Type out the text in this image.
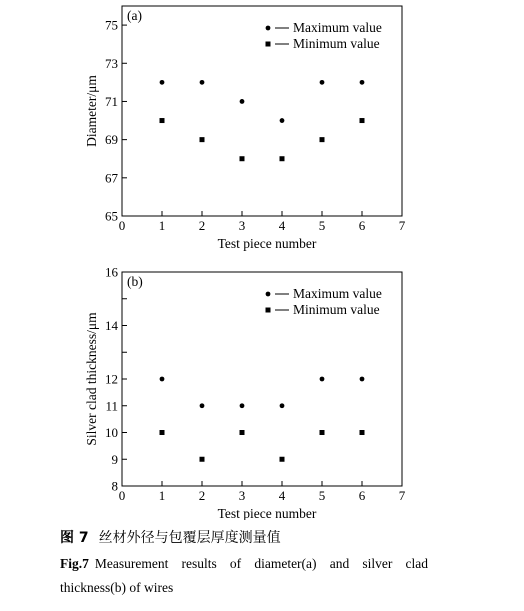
0	1	2	3	4	5	6	7
65
67
69
71
73
75
Test piece number
Diameter/μm
(a)
Maximum value
Minimum value
0	1	2	3	4	5	6	7
8
9
10
11
12
14
16
Test piece number
Silver clad thickness/μm
(b)
Maximum value
Minimum value
图 7 丝材外径与包覆层厚度测量值
Fig.7 Measurement results of diameter(a) and silver clad thickness(b) of wires
